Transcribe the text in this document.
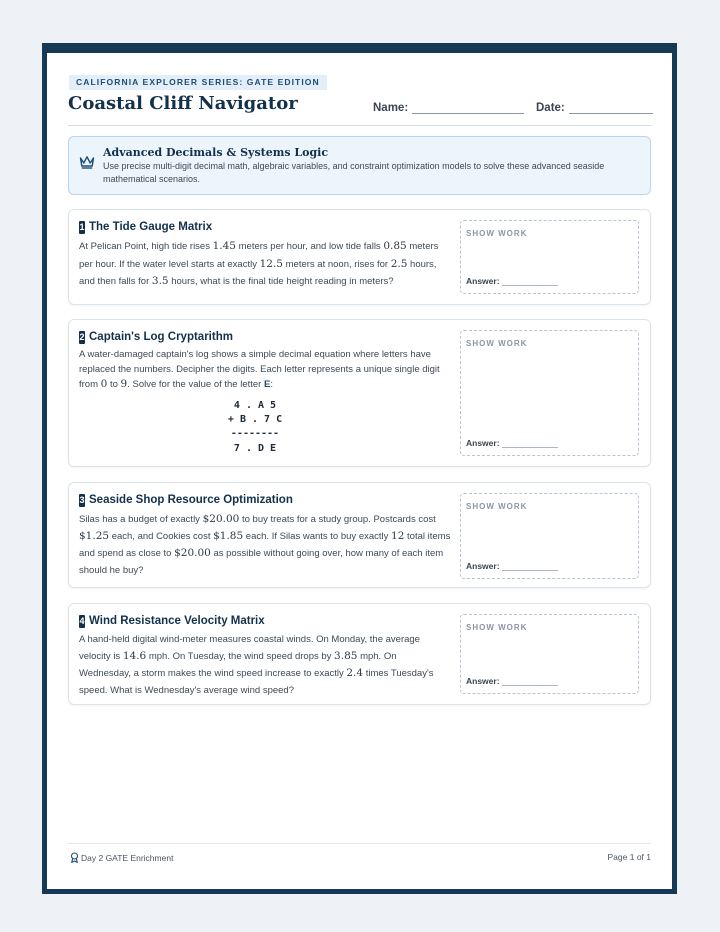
CALIFORNIA EXPLORER SERIES: GATE EDITION
Coastal Cliff Navigator	Name:	Date:
Advanced Decimals & Systems Logic
Use precise multi-digit decimal math, algebraic variables, and constraint optimization models to solve these advanced seaside mathematical scenarios.
1 The Tide Gauge Matrix
At Pelican Point, high tide rises 1.45 meters per hour, and low tide falls 0.85 meters per hour. If the water level starts at exactly 12.5 meters at noon, rises for 2.5 hours, and then falls for 3.5 hours, what is the final tide height reading in meters?
SHOW WORK
Answer:
2 Captain's Log Cryptarithm
A water-damaged captain's log shows a simple decimal equation where letters have replaced the numbers. Decipher the digits. Each letter represents a unique single digit from 0 to 9. Solve for the value of the letter E:
4 . A 5
+ B . 7 C
--------
7 . D E
SHOW WORK
Answer:
3 Seaside Shop Resource Optimization
Silas has a budget of exactly $20.00 to buy treats for a study group. Postcards cost $1.25 each, and Cookies cost $1.85 each. If Silas wants to buy exactly 12 total items and spend as close to $20.00 as possible without going over, how many of each item should he buy?
SHOW WORK
Answer:
4 Wind Resistance Velocity Matrix
A hand-held digital wind-meter measures coastal winds. On Monday, the average velocity is 14.6 mph. On Tuesday, the wind speed drops by 3.85 mph. On Wednesday, a storm makes the wind speed increase to exactly 2.4 times Tuesday's speed. What is Wednesday's average wind speed?
SHOW WORK
Answer:
Day 2 GATE Enrichment	Page 1 of 1
